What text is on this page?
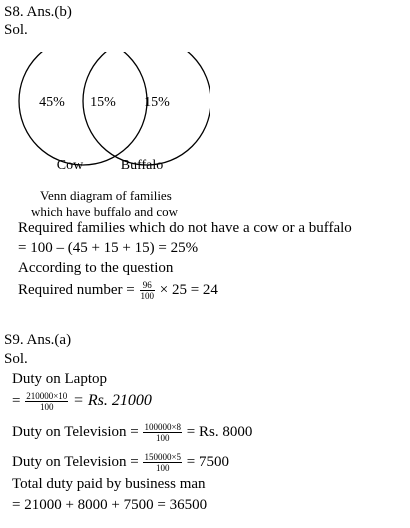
S8. Ans.(b)
Sol.
45% 15% 15%
Cow	Buffalo
Venn diagram of families
which have buffalo and cow
Required families which do not have a cow or a buffalo
= 100 – (45 + 15 + 15) = 25%
According to the question
Required number = $\frac{96}{100} \times 25 = 24$
S9. Ans.(a)
Sol.
Duty on Laptop
= $\frac{210000\times 10}{100} = Rs$. 21000
Duty on Television = $\frac{100000\times 8}{100} = Rs$. 8000
Duty on Television = $\frac{150000\times 5}{100} = 7500$
Total duty paid by business man
= 21000 + 8000 + 7500 = 36500
